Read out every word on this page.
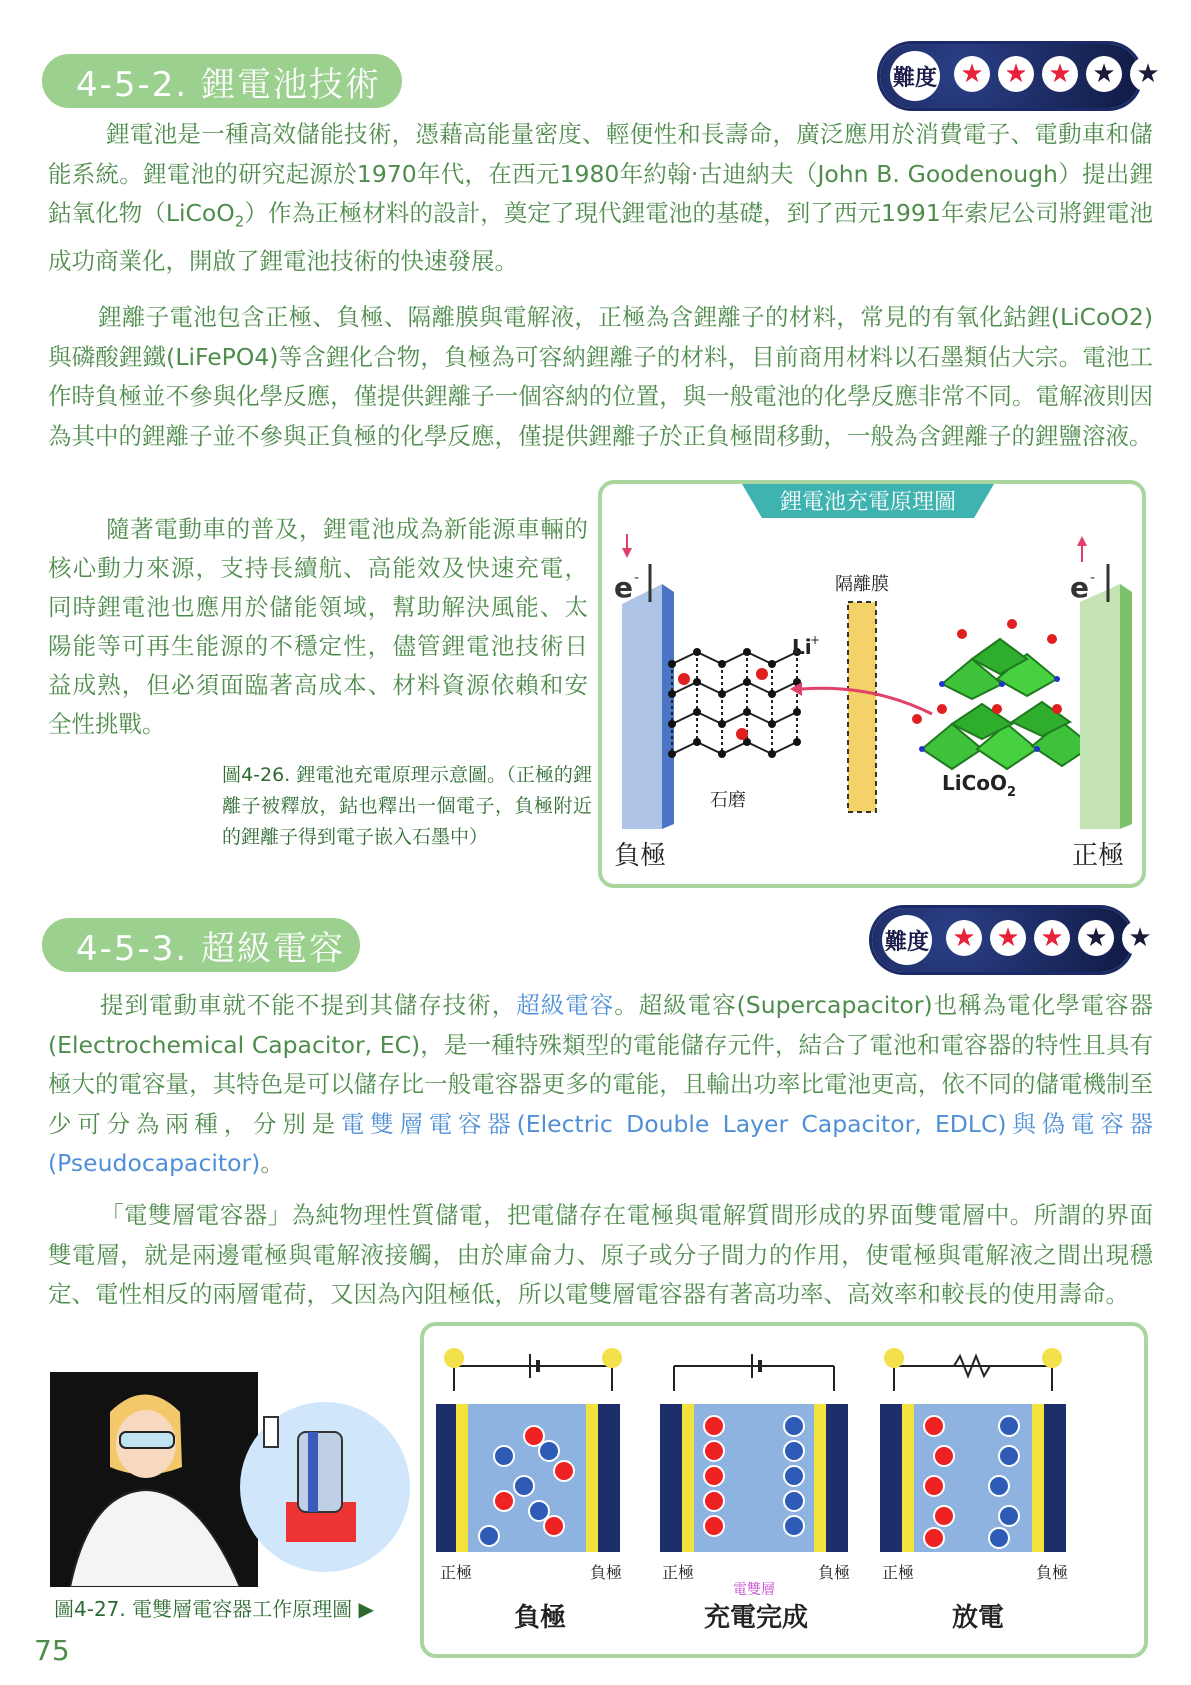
4-5-2. 鋰電池技術	難度 ★ ★ ★ ★ ★

鋰電池是一種高效儲能技術，憑藉高能量密度、輕便性和長壽命，廣泛應用於消費電子、電動車和儲能系統。鋰電池的研究起源於1970年代，在西元1980年約翰‧古迪納夫（John B. Goodenough）提出鋰鈷氧化物（LiCoO$_2$）作為正極材料的設計，奠定了現代鋰電池的基礎，到了西元1991年索尼公司將鋰電池成功商業化，開啟了鋰電池技術的快速發展。

鋰離子電池包含正極、負極、隔離膜與電解液，正極為含鋰離子的材料，常見的有氧化鈷鋰(LiCoO2)與磷酸鋰鐵(LiFePO4)等含鋰化合物，負極為可容納鋰離子的材料，目前商用材料以石墨類佔大宗。電池工作時負極並不參與化學反應，僅提供鋰離子一個容納的位置，與一般電池的化學反應非常不同。電解液則因為其中的鋰離子並不參與正負極的化學反應，僅提供鋰離子於正負極間移動，一般為含鋰離子的鋰鹽溶液。

隨著電動車的普及，鋰電池成為新能源車輛的核心動力來源，支持長續航、高能效及快速充電，同時鋰電池也應用於儲能領域，幫助解決風能、太陽能等可再生能源的不穩定性，儘管鋰電池技術日益成熟，但必須面臨著高成本、材料資源依賴和安全性挑戰。

圖4-26. 鋰電池充電原理示意圖。（正極的鋰離子被釋放，鈷也釋出一個電子，負極附近的鋰離子得到電子嵌入石墨中）

鋰電池充電原理圖
e -
石磨
隔離膜
Li
+
LiCoO$_2$
e -
負極	正極
4-5-3. 超級電容	難度 ★ ★ ★ ★ ★

提到電動車就不能不提到其儲存技術，超級電容。超級電容(Supercapacitor)也稱為電化學電容器(Electrochemical Capacitor, EC)，是一種特殊類型的電能儲存元件，結合了電池和電容器的特性且具有極大的電容量，其特色是可以儲存比一般電容器更多的電能，且輸出功率比電池更高，依不同的儲電機制至少可分為兩種，分別是電雙層電容器(Electric Double Layer Capacitor, EDLC)與偽電容器(Pseudocapacitor)。

「電雙層電容器」為純物理性質儲電，把電儲存在電極與電解質間形成的界面雙電層中。所謂的界面雙電層，就是兩邊電極與電解液接觸，由於庫侖力、原子或分子間力的作用，使電極與電解液之間出現穩定、電性相反的兩層電荷，又因為內阻極低，所以電雙層電容器有著高功率、高效率和較長的使用壽命。

圖4-27. 電雙層電容器工作原理圖 ▶

正極	負極
負極
正極	負極
電雙層
充電完成
正極	負極
放電
75
